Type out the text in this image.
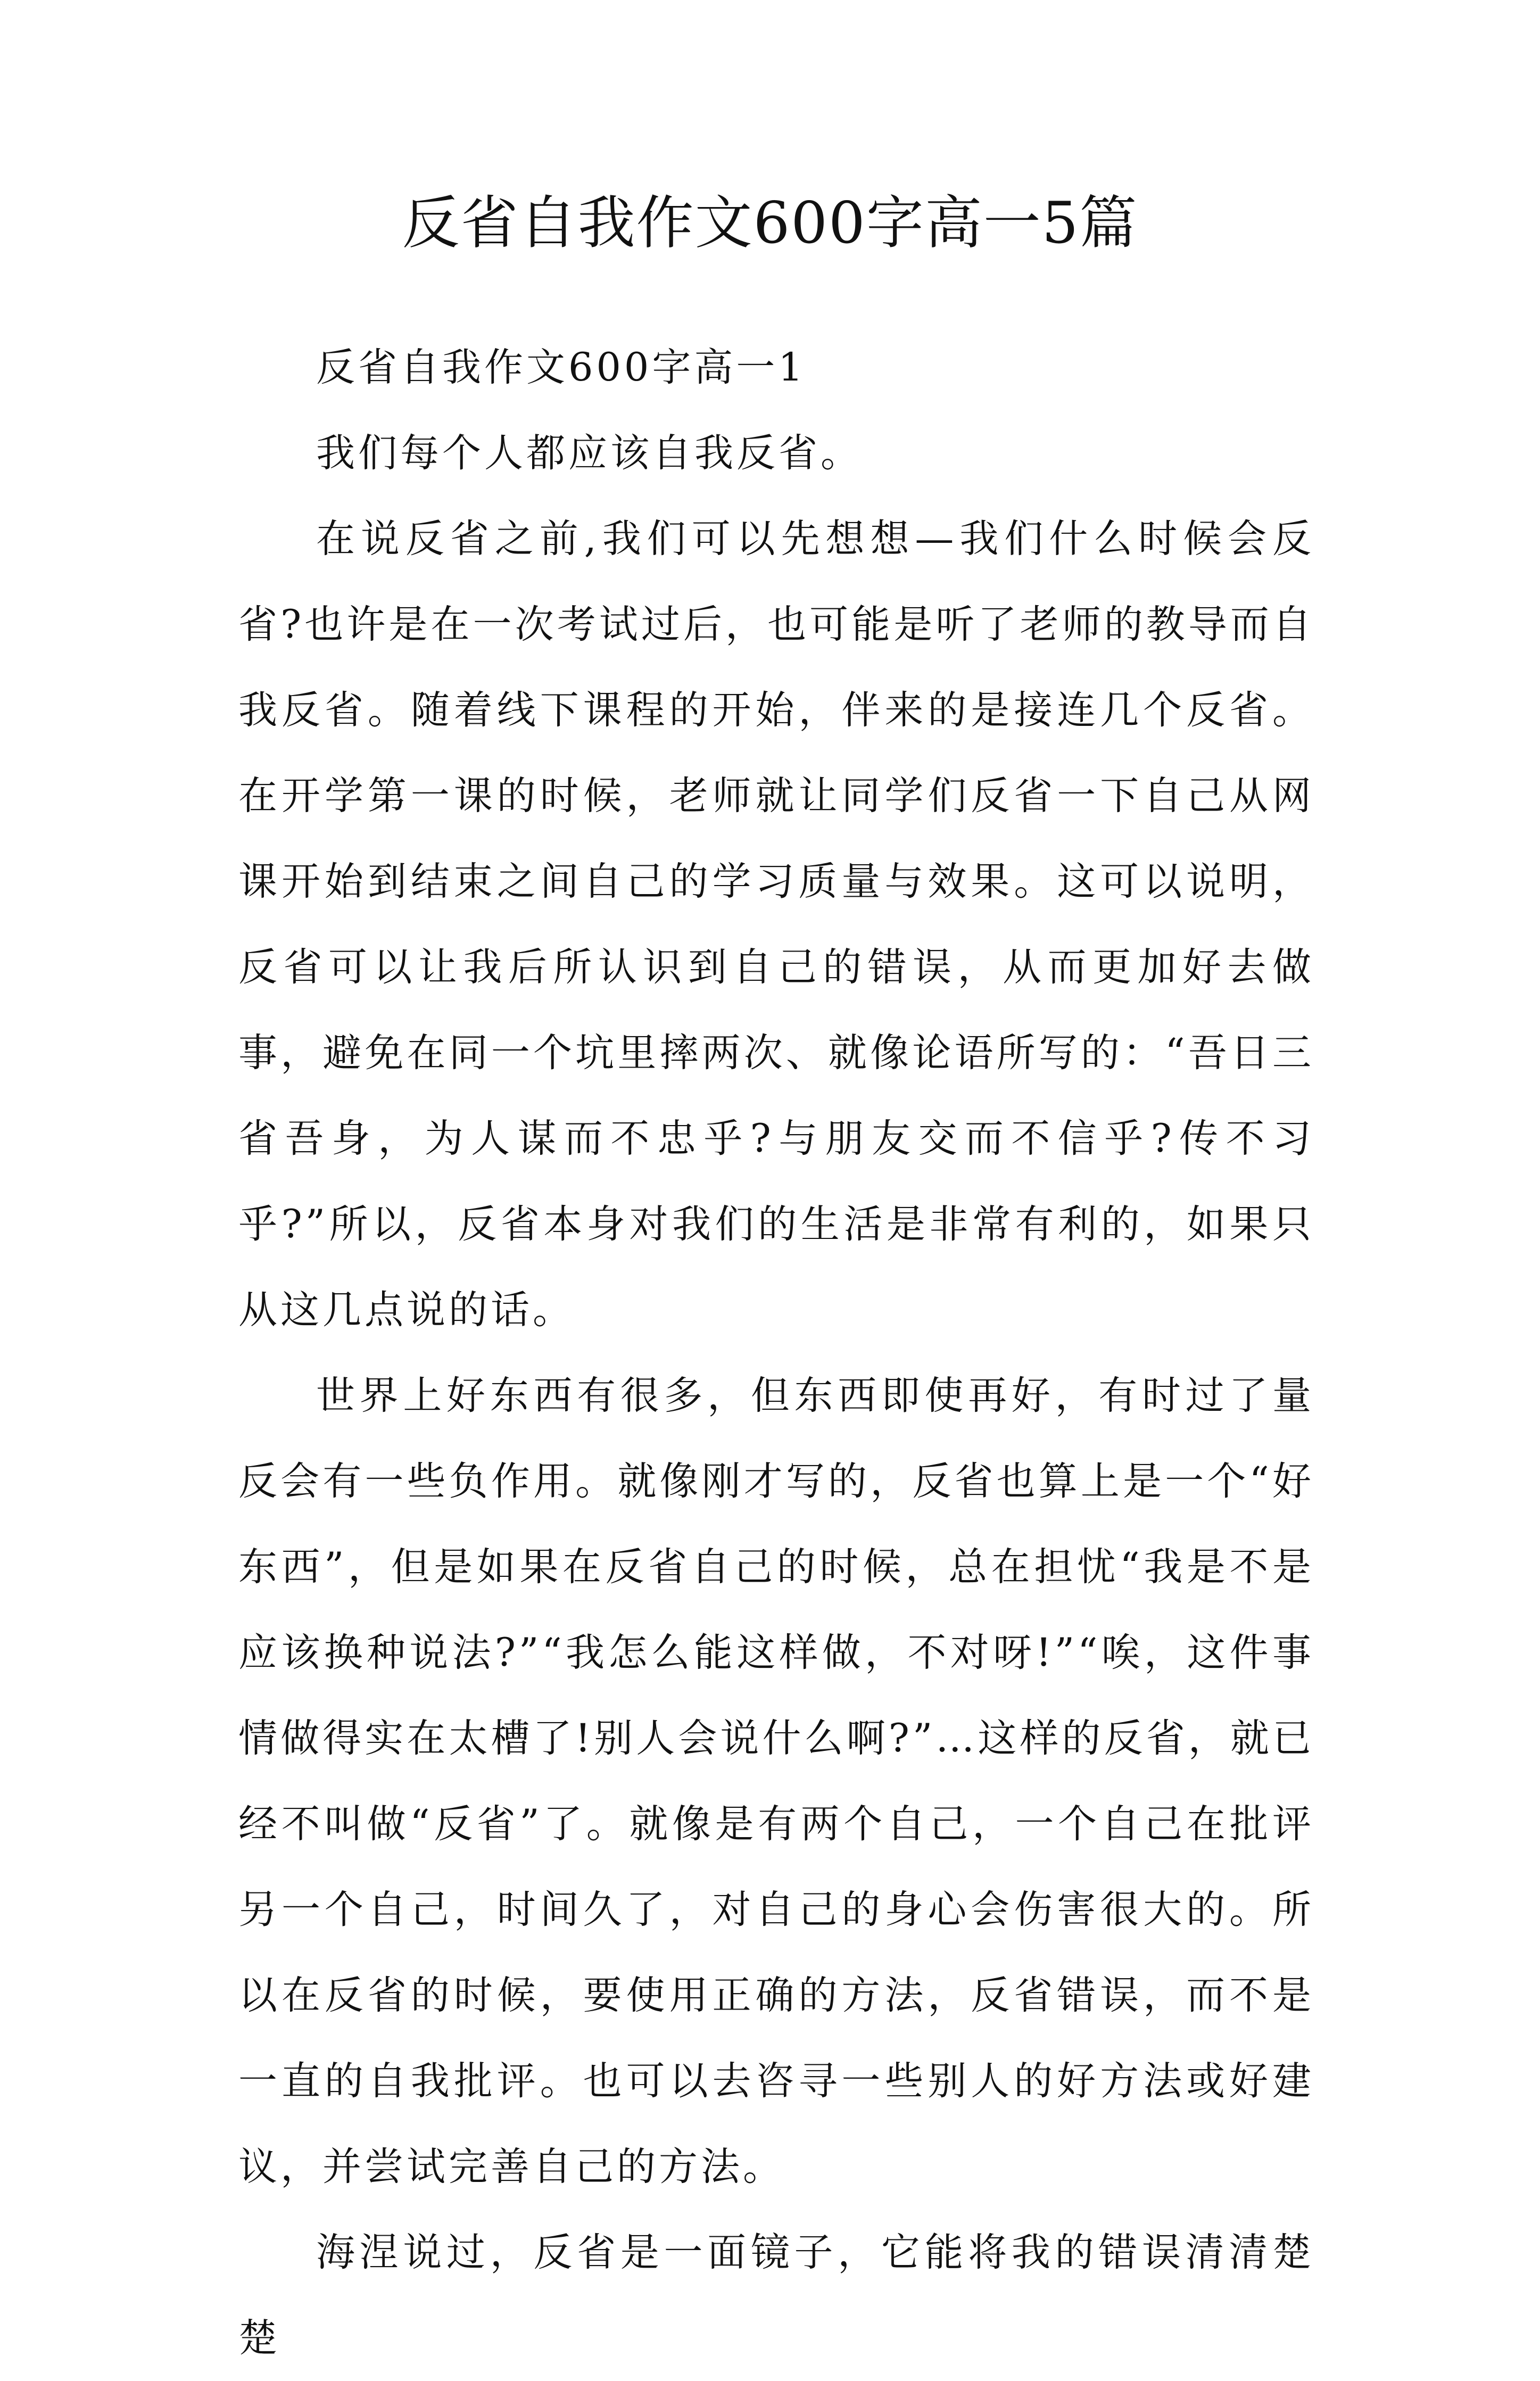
反省自我作文600字高一5篇

反省自我作文600字高一1

我们每个人都应该自我反省。

在说反省之前,我们可以先想想—我们什么时候会反省?也许是在一次考试过后，也可能是听了老师的教导而自我反省。随着线下课程的开始，伴来的是接连几个反省。在开学第一课的时候，老师就让同学们反省一下自己从网课开始到结束之间自己的学习质量与效果。这可以说明，反省可以让我后所认识到自己的错误，从而更加好去做事，避免在同一个坑里摔两次、就像论语所写的：“吾日三省吾身，为人谋而不忠乎?与朋友交而不信乎?传不习乎?”所以，反省本身对我们的生活是非常有利的，如果只从这几点说的话。

世界上好东西有很多，但东西即使再好，有时过了量反会有一些负作用。就像刚才写的，反省也算上是一个“好东西”，但是如果在反省自己的时候，总在担忧“我是不是应该换种说法?”“我怎么能这样做，不对呀!”“唉，这件事情做得实在太槽了!别人会说什么啊?”…这样的反省，就已经不叫做“反省”了。就像是有两个自己，一个自己在批评另一个自己，时间久了，对自己的身心会伤害很大的。所以在反省的时候，要使用正确的方法，反省错误，而不是一直的自我批评。也可以去咨寻一些别人的好方法或好建议，并尝试完善自己的方法。

海涅说过，反省是一面镜子，它能将我的错误清清楚楚
